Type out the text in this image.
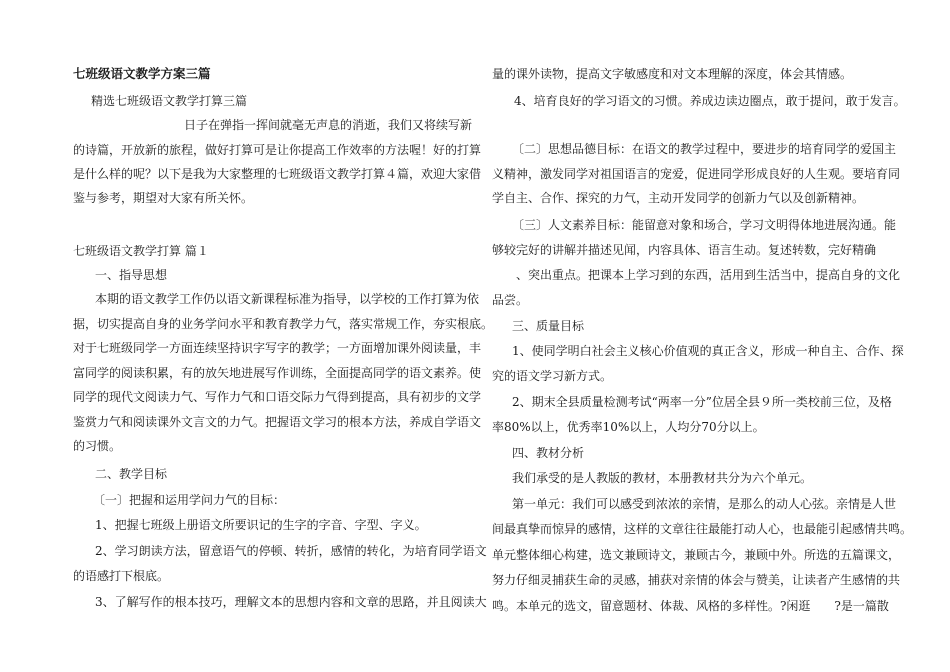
七班级语文教学方案三篇
精选七班级语文教学打算三篇
日子在弹指一挥间就毫无声息的消逝，我们又将续写新
的诗篇，开放新的旅程，做好打算可是让你提高工作效率的方法喔！好的打算
是什么样的呢？以下是我为大家整理的七班级语文教学打算４篇，欢迎大家借
鉴与参考，期望对大家有所关怀。
七班级语文教学打算 篇１
一、指导思想
本期的语文教学工作仍以语文新课程标准为指导，以学校的工作打算为依
据，切实提高自身的业务学问水平和教育教学力气，落实常规工作，夯实根底。
对于七班级同学一方面连续坚持识字写字的教学；一方面增加课外阅读量，丰
富同学的阅读积累，有的放矢地进展写作训练，全面提高同学的语文素养。使
同学的现代文阅读力气、写作力气和口语交际力气得到提高，具有初步的文学
鉴赏力气和阅读课外文言文的力气。把握语文学习的根本方法，养成自学语文
的习惯。
二、教学目标
〔一〕把握和运用学问力气的目标：
1、把握七班级上册语文所要识记的生字的字音、字型、字义。
2、学习朗读方法，留意语气的停顿、转折，感情的转化，为培育同学语文
的语感打下根底。
3、了解写作的根本技巧，理解文本的思想内容和文章的思路，并且阅读大
量的课外读物，提高文字敏感度和对文本理解的深度，体会其情感。
4、培育良好的学习语文的习惯。养成边读边圈点，敢于提问，敢于发言。
〔二〕思想品德目标：在语文的教学过程中，要进步的培育同学的爱国主
义精神，激发同学对祖国语言的宠爱，促进同学形成良好的人生观。要培育同
学自主、合作、探究的力气，主动开发同学的创新力气以及创新精神。
〔三〕人文素养目标：能留意对象和场合，学习文明得体地进展沟通。能
够较完好的讲解并描述见闻，内容具体、语言生动。复述转数，完好精确
、突出重点。把课本上学习到的东西，活用到生活当中，提高自身的文化
品尝。
三、质量目标
1、使同学明白社会主义核心价值观的真正含义，形成一种自主、合作、探
究的语文学习新方式。
2、期末全县质量检测考试“两率一分”位居全县９所一类校前三位，及格
率80%以上，优秀率10%以上，人均分70分以上。
四、教材分析
我们承受的是人教版的教材，本册教材共分为六个单元。
第一单元：我们可以感受到浓浓的亲情，是那么的动人心弦。亲情是人世
间最真挚而惊异的感情，这样的文章往往最能打动人心，也最能引起感情共鸣。
单元整体细心构建，选文兼顾诗文，兼顾古今，兼顾中外。所选的五篇课文，
努力仔细灵捕获生命的灵感，捕获对亲情的体会与赞美，让读者产生感情的共
鸣。本单元的选文，留意题材、体裁、风格的多样性。?闲逛　　?是一篇散
